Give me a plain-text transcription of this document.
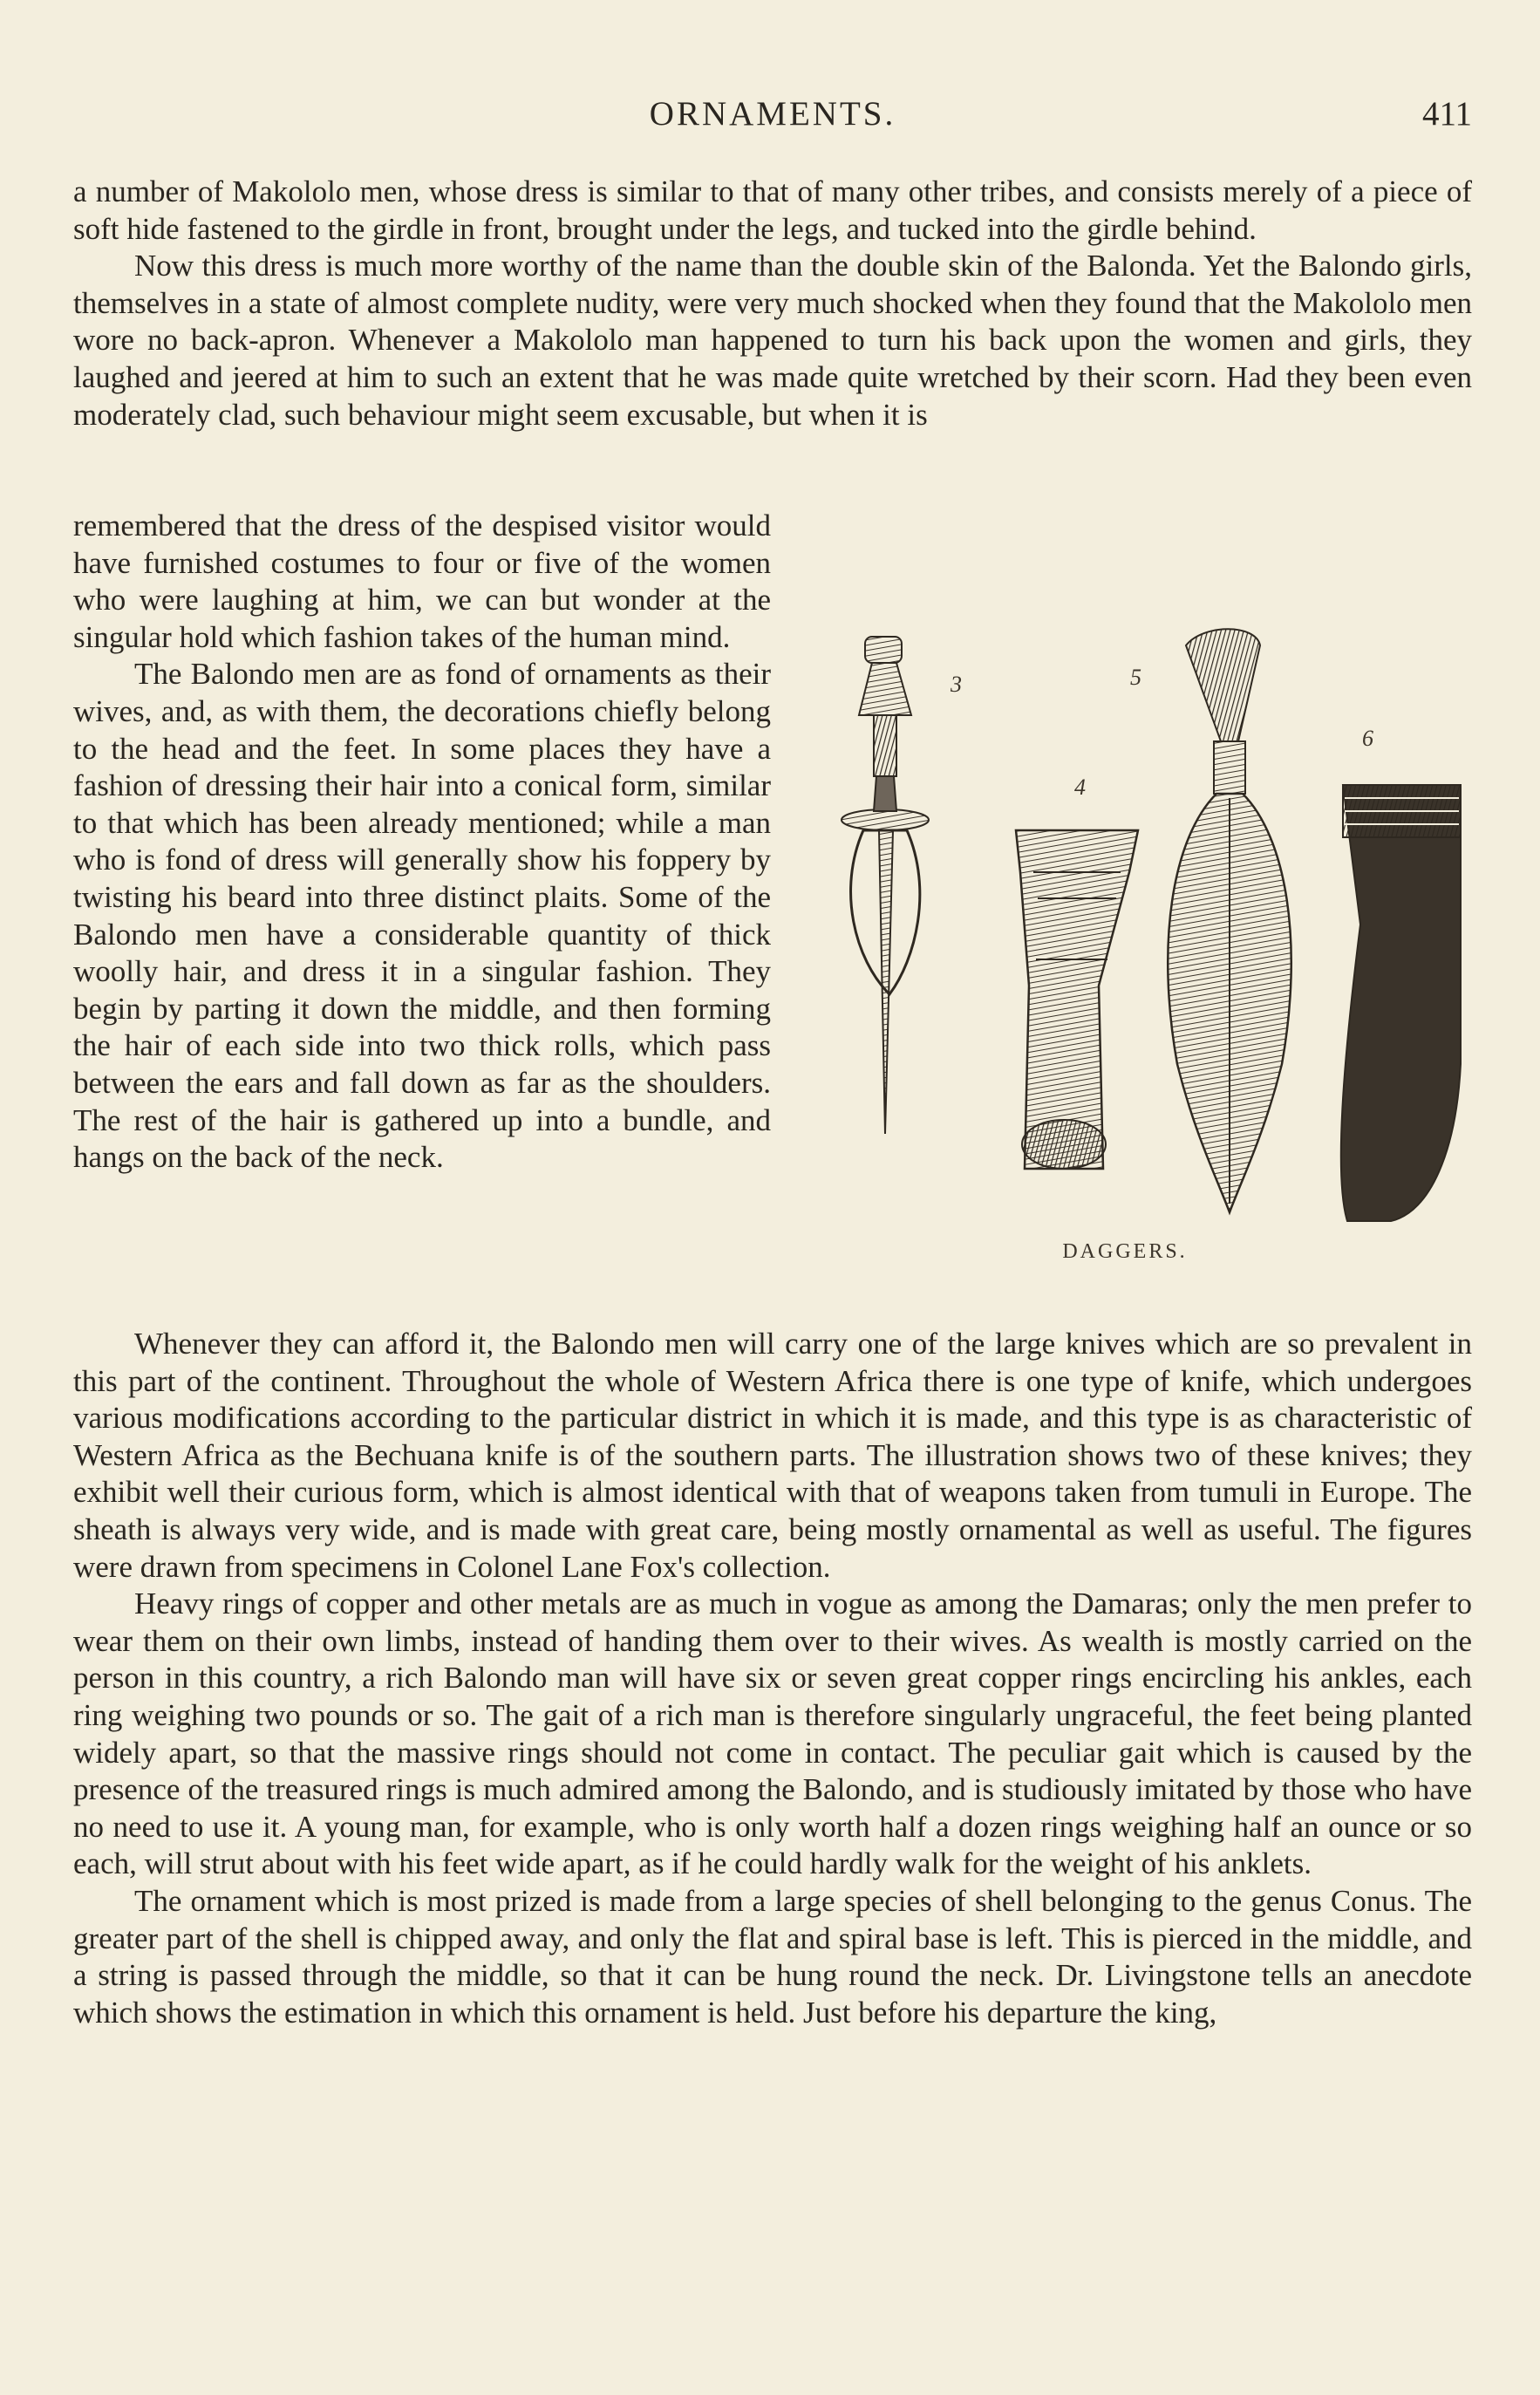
ORNAMENTS.	411

a number of Makololo men, whose dress is similar to that of many other tribes, and consists merely of a piece of soft hide fastened to the girdle in front, brought under the legs, and tucked into the girdle behind.

Now this dress is much more worthy of the name than the double skin of the Balonda. Yet the Balondo girls, themselves in a state of almost complete nudity, were very much shocked when they found that the Makololo men wore no back-apron. Whenever a Makololo man happened to turn his back upon the women and girls, they laughed and jeered at him to such an extent that he was made quite wretched by their scorn. Had they been even moderately clad, such behaviour might seem excusable, but when it is

remembered that the dress of the despised visitor would have furnished costumes to four or five of the women who were laughing at him, we can but wonder at the singular hold which fashion takes of the human mind.

The Balondo men are as fond of ornaments as their wives, and, as with them, the decorations chiefly belong to the head and the feet. In some places they have a fashion of dressing their hair into a conical form, similar to that which has been already mentioned; while a man who is fond of dress will generally show his foppery by twisting his beard into three distinct plaits. Some of the Balondo men have a considerable quantity of thick woolly hair, and dress it in a singular fashion. They begin by parting it down the middle, and then forming the hair of each side into two thick rolls, which pass between the ears and fall down as far as the shoulders. The rest of the hair is gathered up into a bundle, and hangs on the back of the neck.

3
4
5
6
DAGGERS.

Whenever they can afford it, the Balondo men will carry one of the large knives which are so prevalent in this part of the continent. Throughout the whole of Western Africa there is one type of knife, which undergoes various modifications according to the particular district in which it is made, and this type is as characteristic of Western Africa as the Bechuana knife is of the southern parts. The illustration shows two of these knives; they exhibit well their curious form, which is almost identical with that of weapons taken from tumuli in Europe. The sheath is always very wide, and is made with great care, being mostly ornamental as well as useful. The figures were drawn from specimens in Colonel Lane Fox's collection.

Heavy rings of copper and other metals are as much in vogue as among the Damaras; only the men prefer to wear them on their own limbs, instead of handing them over to their wives. As wealth is mostly carried on the person in this country, a rich Balondo man will have six or seven great copper rings encircling his ankles, each ring weighing two pounds or so. The gait of a rich man is therefore singularly ungraceful, the feet being planted widely apart, so that the massive rings should not come in contact. The peculiar gait which is caused by the presence of the treasured rings is much admired among the Balondo, and is studiously imitated by those who have no need to use it. A young man, for example, who is only worth half a dozen rings weighing half an ounce or so each, will strut about with his feet wide apart, as if he could hardly walk for the weight of his anklets.

The ornament which is most prized is made from a large species of shell belonging to the genus Conus. The greater part of the shell is chipped away, and only the flat and spiral base is left. This is pierced in the middle, and a string is passed through the middle, so that it can be hung round the neck. Dr. Livingstone tells an anecdote which shows the estimation in which this ornament is held. Just before his departure the king,
